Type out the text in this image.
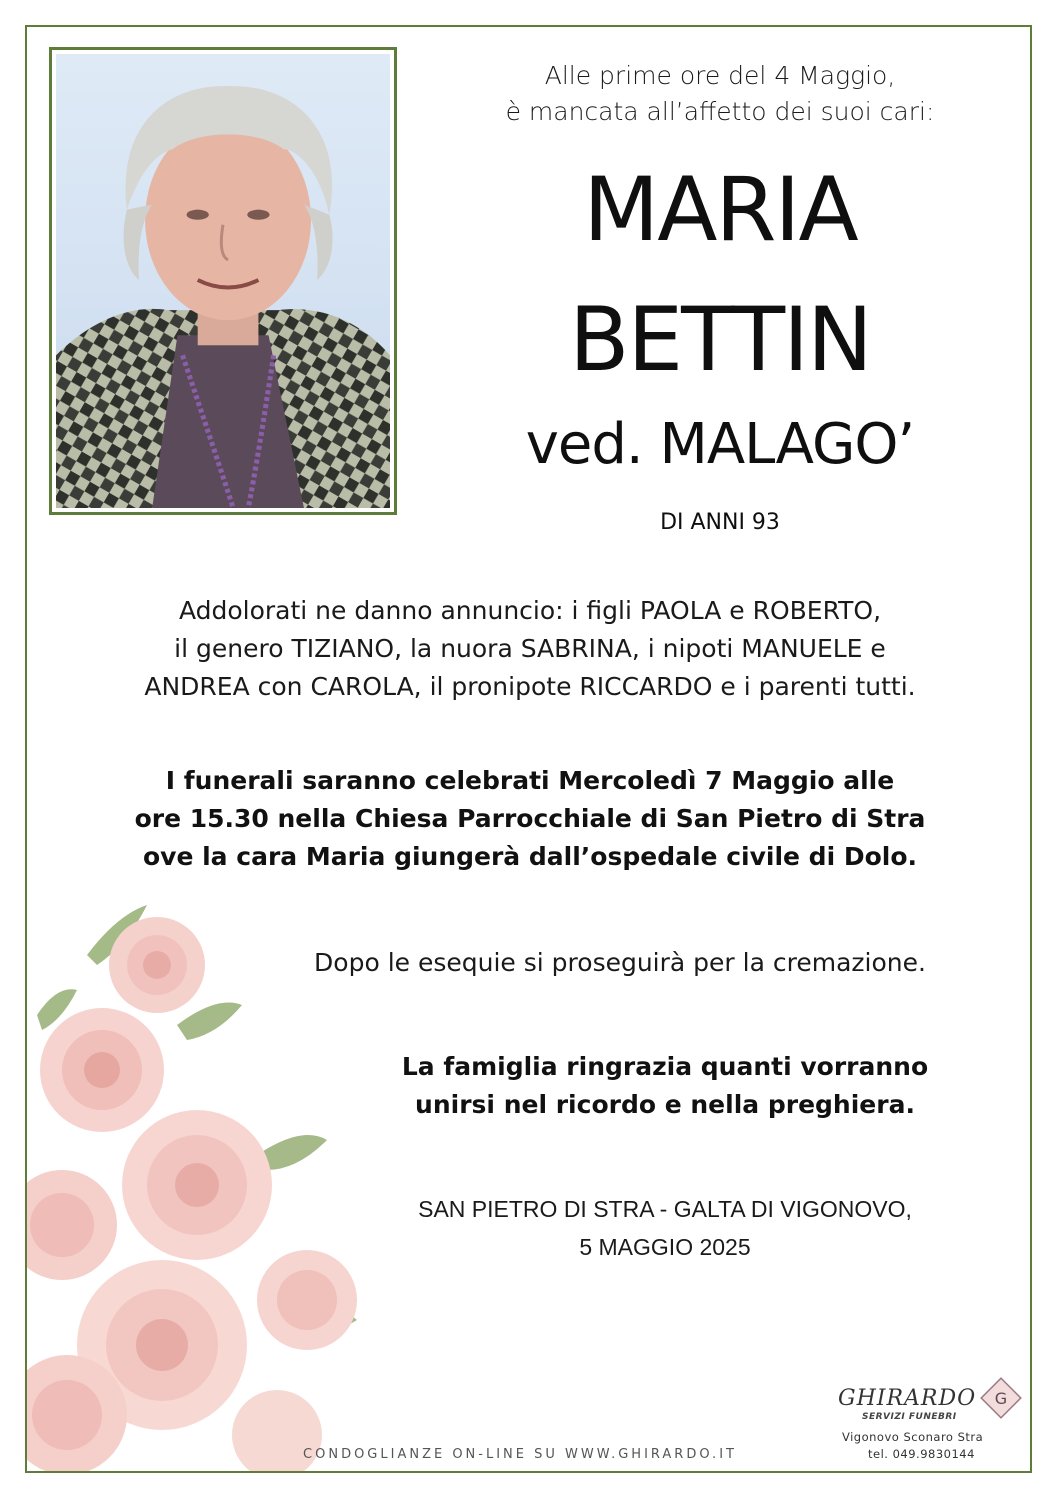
Alle prime ore del 4 Maggio,
è mancata all’affetto dei suoi cari:
MARIA
BETTIN
ved. MALAGO’
DI ANNI 93
Addolorati ne danno annuncio: i figli PAOLA e ROBERTO,
il genero TIZIANO, la nuora SABRINA, i nipoti MANUELE e
ANDREA con CAROLA, il pronipote RICCARDO e i parenti tutti.
I funerali saranno celebrati Mercoledì 7 Maggio alle
ore 15.30 nella Chiesa Parrocchiale di San Pietro di Stra
ove la cara Maria giungerà dall’ospedale civile di Dolo.
Dopo le esequie si proseguirà per la cremazione.
La famiglia ringrazia quanti vorranno
unirsi nel ricordo e nella preghiera.
SAN PIETRO DI STRA - GALTA DI VIGONOVO,
5 MAGGIO 2025
CONDOGLIANZE ON-LINE SU WWW.GHIRARDO.IT
GHIRARDO
SERVIZI FUNEBRI
G
Vigonovo Sconaro Stra
tel. 049.9830144
